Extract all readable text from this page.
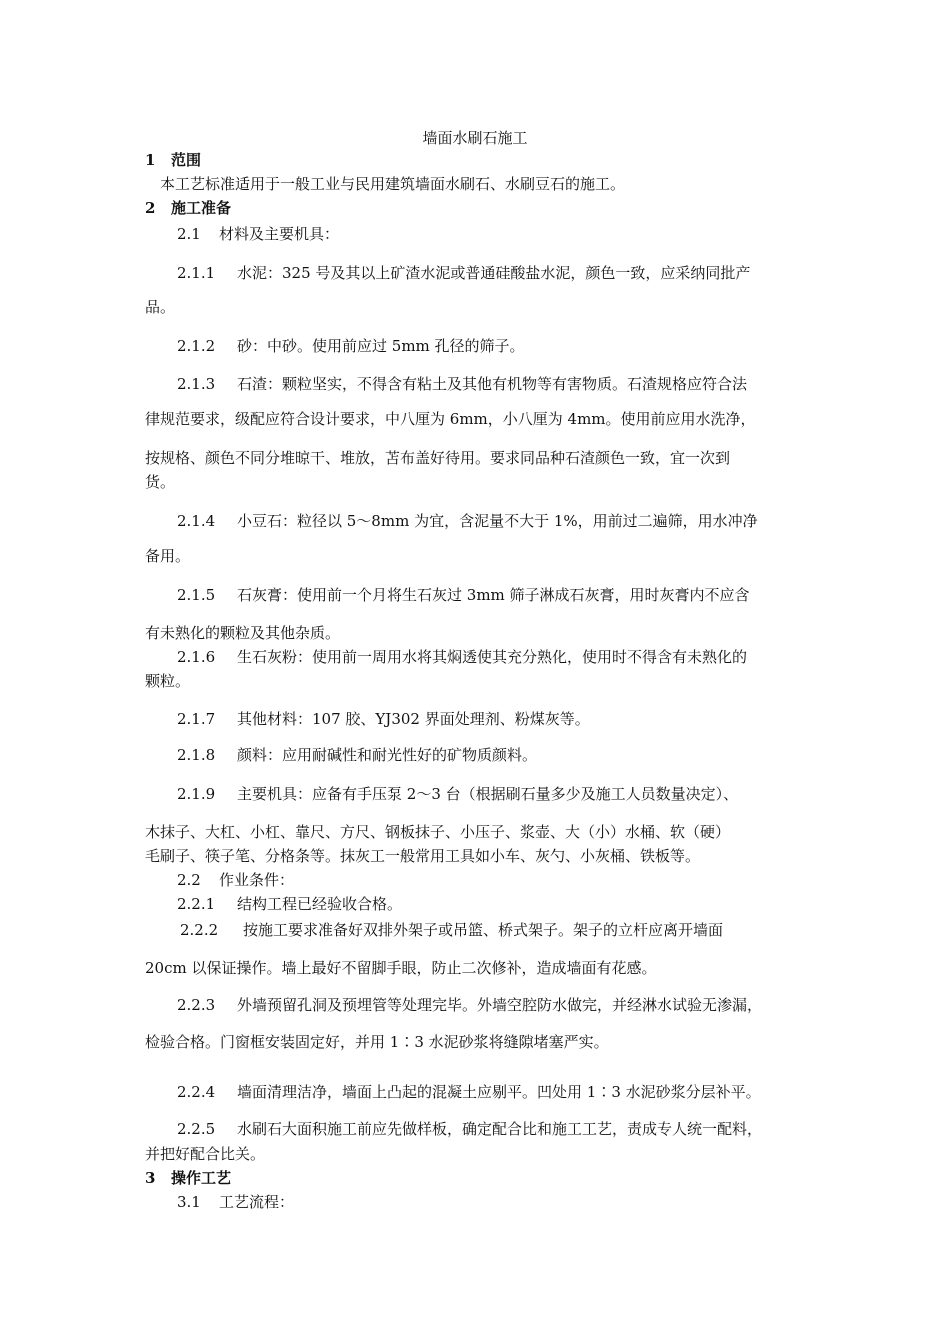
墙面水刷石施工
1 范围
本工艺标准适用于一般工业与民用建筑墙面水刷石、水刷豆石的施工。
2 施工准备
2.1 材料及主要机具：
2.1.1 水泥：325 号及其以上矿渣水泥或普通硅酸盐水泥，颜色一致，应采纳同批产
品。
2.1.2 砂：中砂。使用前应过 5mm 孔径的筛子。
2.1.3 石渣：颗粒坚实，不得含有粘土及其他有机物等有害物质。石渣规格应符合法
律规范要求，级配应符合设计要求，中八厘为 6mm，小八厘为 4mm。使用前应用水洗净，
按规格、颜色不同分堆晾干、堆放，苫布盖好待用。要求同品种石渣颜色一致，宜一次到
货。
2.1.4 小豆石：粒径以 5～8mm 为宜，含泥量不大于 1%，用前过二遍筛，用水冲净
备用。
2.1.5 石灰膏：使用前一个月将生石灰过 3mm 筛子淋成石灰膏，用时灰膏内不应含
有未熟化的颗粒及其他杂质。
2.1.6 生石灰粉：使用前一周用水将其焖透使其充分熟化，使用时不得含有未熟化的
颗粒。
2.1.7 其他材料：107 胶、YJ302 界面处理剂、粉煤灰等。
2.1.8 颜料：应用耐碱性和耐光性好的矿物质颜料。
2.1.9 主要机具：应备有手压泵 2～3 台（根据刷石量多少及施工人员数量决定）、
木抹子、大杠、小杠、靠尺、方尺、钢板抹子、小压子、浆壶、大（小）水桶、软（硬）
毛刷子、筷子笔、分格条等。抹灰工一般常用工具如小车、灰勺、小灰桶、铁板等。
2.2 作业条件：
2.2.1 结构工程已经验收合格。
2.2.2 按施工要求准备好双排外架子或吊篮、桥式架子。架子的立杆应离开墙面
20cm 以保证操作。墙上最好不留脚手眼，防止二次修补，造成墙面有花感。
2.2.3 外墙预留孔洞及预埋管等处理完毕。外墙空腔防水做完，并经淋水试验无渗漏，
检验合格。门窗框安装固定好，并用 1∶3 水泥砂浆将缝隙堵塞严实。
2.2.4 墙面清理洁净，墙面上凸起的混凝土应剔平。凹处用 1∶3 水泥砂浆分层补平。
2.2.5 水刷石大面积施工前应先做样板，确定配合比和施工工艺，责成专人统一配料，
并把好配合比关。
3 操作工艺
3.1 工艺流程：
